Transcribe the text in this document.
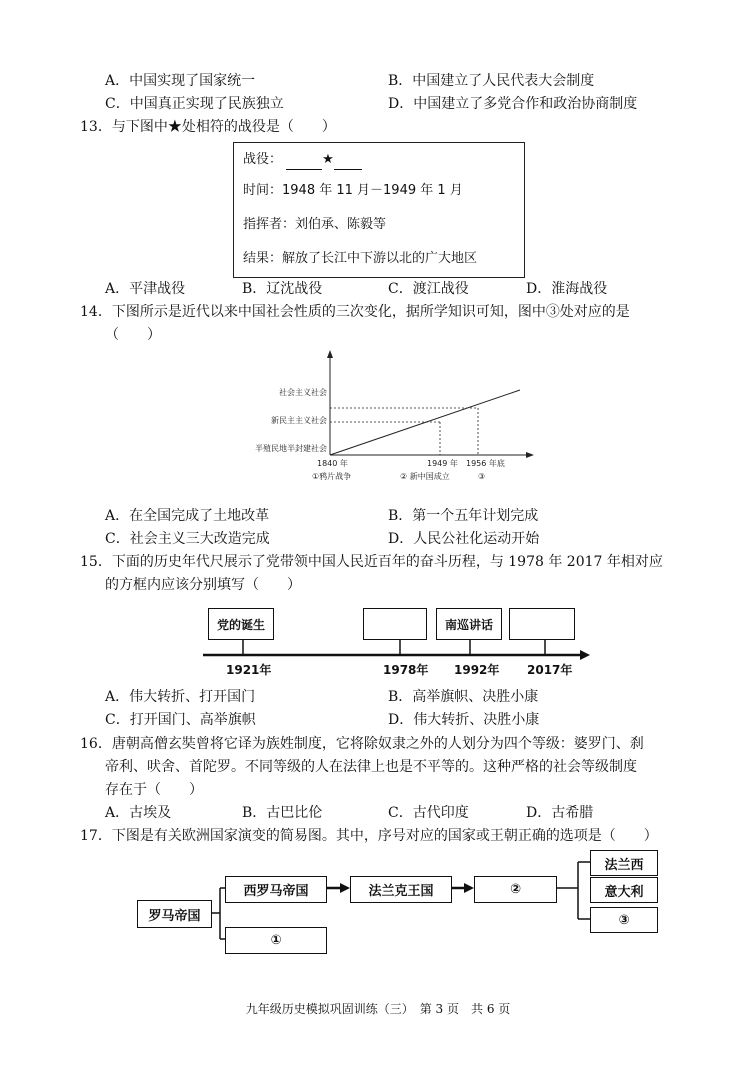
A．中国实现了国家统一	B．中国建立了人民代表大会制度
C．中国真正实现了民族独立	D．中国建立了多党合作和政治协商制度
13．与下图中★处相符的战役是（　　）
战役：	★
时间：1948 年 11 月－1949 年 1 月
指挥者：刘伯承、陈毅等
结果：解放了长江中下游以北的广大地区
A．平津战役	B．辽沈战役	C．渡江战役	D．淮海战役
14．下图所示是近代以来中国社会性质的三次变化，据所学知识可知，图中③处对应的是
（　　）
社会主义社会
新民主主义社会
半殖民地半封建社会
1840 年
①鸦片战争
1949 年
② 新中国成立
1956 年底
③
A．在全国完成了土地改革	B．第一个五年计划完成
C．社会主义三大改造完成	D．人民公社化运动开始
15．下面的历史年代尺展示了党带领中国人民近百年的奋斗历程，与 1978 年 2017 年相对应
的方框内应该分别填写（　　）
党的诞生	南巡讲话
1921年	1978年 1992年 2017年
A．伟大转折、打开国门	B．高举旗帜、决胜小康
C．打开国门、高举旗帜	D．伟大转折、决胜小康
16．唐朝高僧玄奘曾将它译为族姓制度，它将除奴隶之外的人划分为四个等级：婆罗门、刹
帝利、吠舍、首陀罗。不同等级的人在法律上也是不平等的。这种严格的社会等级制度
存在于（　　）
A．古埃及	B．古巴比伦	C．古代印度	D．古希腊
17．下图是有关欧洲国家演变的简易图。其中，序号对应的国家或王朝正确的选项是（　　）
罗马帝国
西罗马帝国
①
法兰克王国	②
法兰西
意大利
③
九年级历史模拟巩固训练（三）　第 3 页　共 6 页
